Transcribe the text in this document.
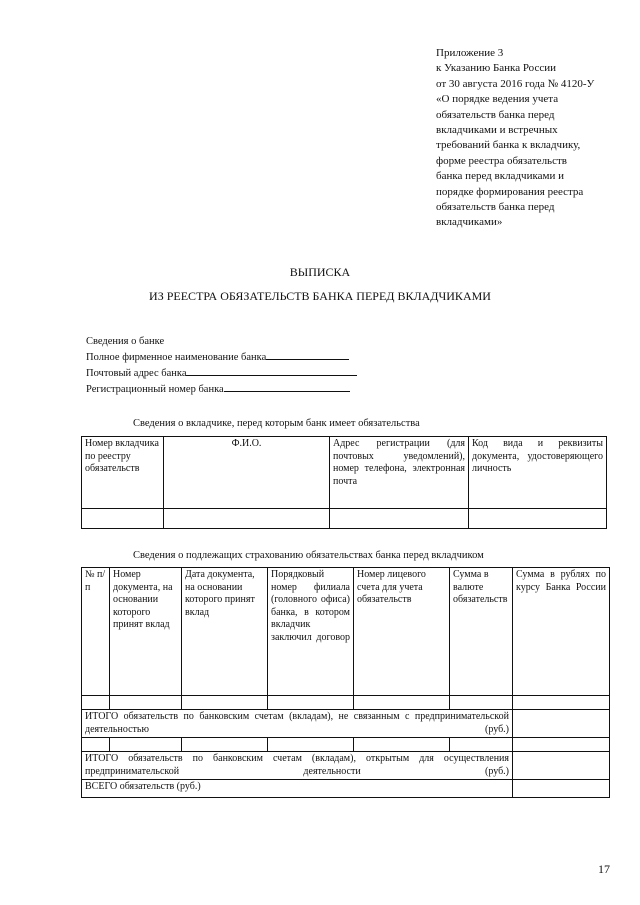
Приложение 3
к Указанию Банка России
от 30 августа 2016 года № 4120-У
«О порядке ведения учета
обязательств банка перед
вкладчиками и встречных
требований банка к вкладчику,
форме реестра обязательств
банка перед вкладчиками и
порядке формирования реестра
обязательств банка перед
вкладчиками»
ВЫПИСКА
ИЗ РЕЕСТРА ОБЯЗАТЕЛЬСТВ БАНКА ПЕРЕД ВКЛАДЧИКАМИ
Сведения о банке
Полное фирменное наименование банка
Почтовый адрес банка
Регистрационный номер банка
Сведения о вкладчике, перед которым банк имеет обязательства
Номер вкладчика по реестру обязательств	Ф.И.О.	Адрес регистрации (для почтовых уведомлений), номер телефона, электронная почта	Код вида и реквизиты документа, удостоверяющего личность

Сведения о подлежащих страхованию обязательствах банка перед вкладчиком
№ п/п	Номер документа, на основании которого принят вклад	Дата документа, на основании которого принят вклад	Порядковый номер филиала (головного офиса) банка, в котором вкладчик заключил договор	Номер лицевого счета для учета обязательств	Сумма в валюте обязательств	Сумма в рублях по курсу Банка России

ИТОГО обязательств по банковским счетам (вкладам), не связанным с предпринимательской деятельностью (руб.)						

ИТОГО обязательств по банковским счетам (вкладам), открытым для осуществления предпринимательской деятельности (руб.)						
ВСЕГО обязательств (руб.)						
17
